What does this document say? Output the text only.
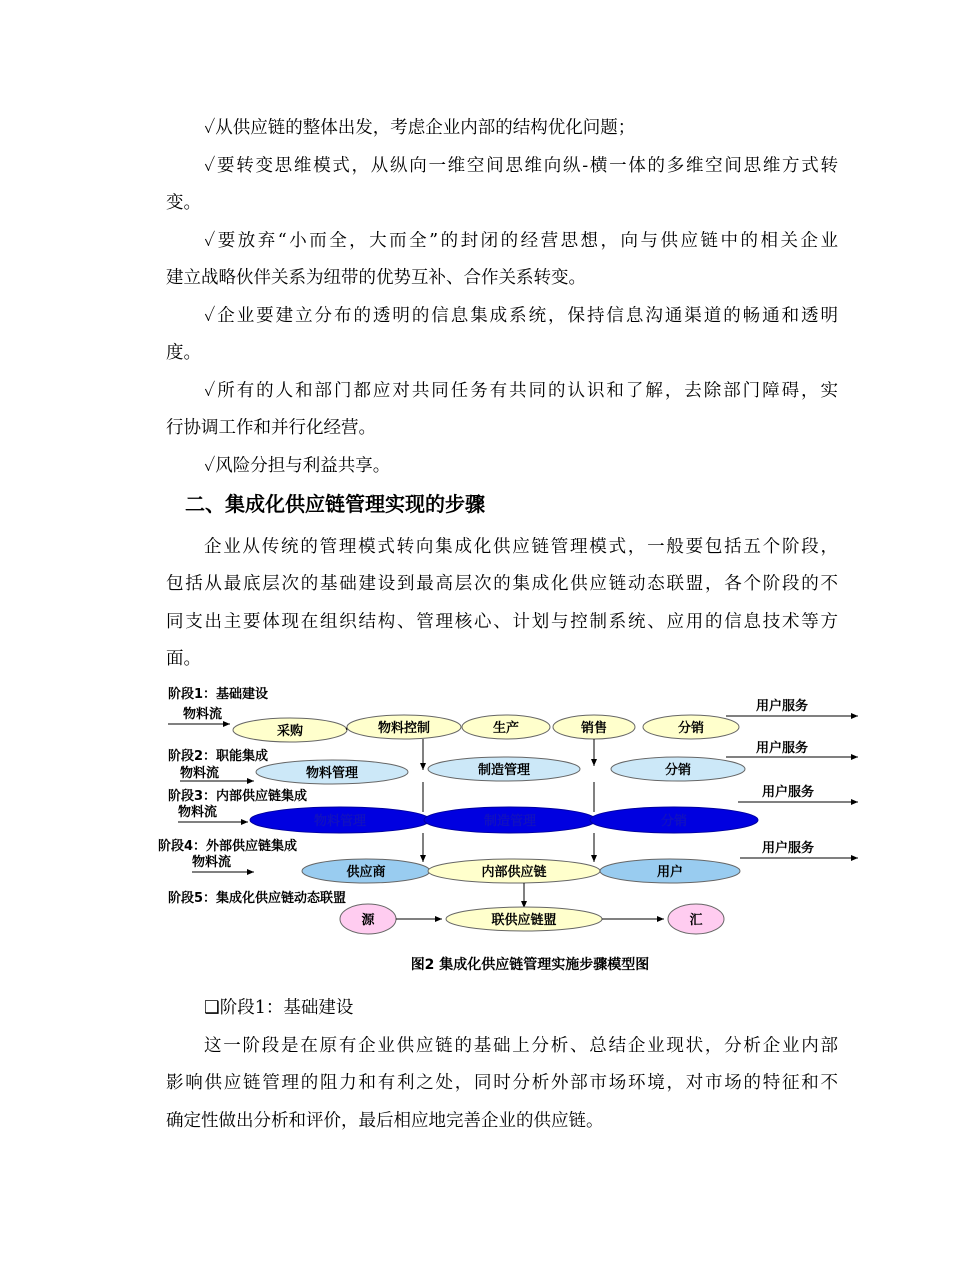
✓从供应链的整体出发，考虑企业内部的结构优化问题；
✓要转变思维模式，从纵向一维空间思维向纵-横一体的多维空间思维方式转
变。
✓要放弃“小而全，大而全”的封闭的经营思想，向与供应链中的相关企业
建立战略伙伴关系为纽带的优势互补、合作关系转变。
✓企业要建立分布的透明的信息集成系统，保持信息沟通渠道的畅通和透明
度。
✓所有的人和部门都应对共同任务有共同的认识和了解，去除部门障碍，实
行协调工作和并行化经营。
✓风险分担与利益共享。
二、集成化供应链管理实现的步骤
企业从传统的管理模式转向集成化供应链管理模式，一般要包括五个阶段，
包括从最底层次的基础建设到最高层次的集成化供应链动态联盟，各个阶段的不
同支出主要体现在组织结构、管理核心、计划与控制系统、应用的信息技术等方
面。
阶段1：基础建设
物料流
采购	物料控制	生产	销售	分销
用户服务
阶段2：职能集成
物料流	物料管理	制造管理	分销
用户服务
阶段3：内部供应链集成
物料流
物料管理	制造管理	分销
用户服务
阶段4：外部供应链集成
物料流
供应商	内部供应链	用户
用户服务
阶段5：集成化供应链动态联盟
源	联供应链盟	汇
图2 集成化供应链管理实施步骤模型图
❑阶段1：基础建设
这一阶段是在原有企业供应链的基础上分析、总结企业现状，分析企业内部
影响供应链管理的阻力和有利之处，同时分析外部市场环境，对市场的特征和不
确定性做出分析和评价，最后相应地完善企业的供应链。
